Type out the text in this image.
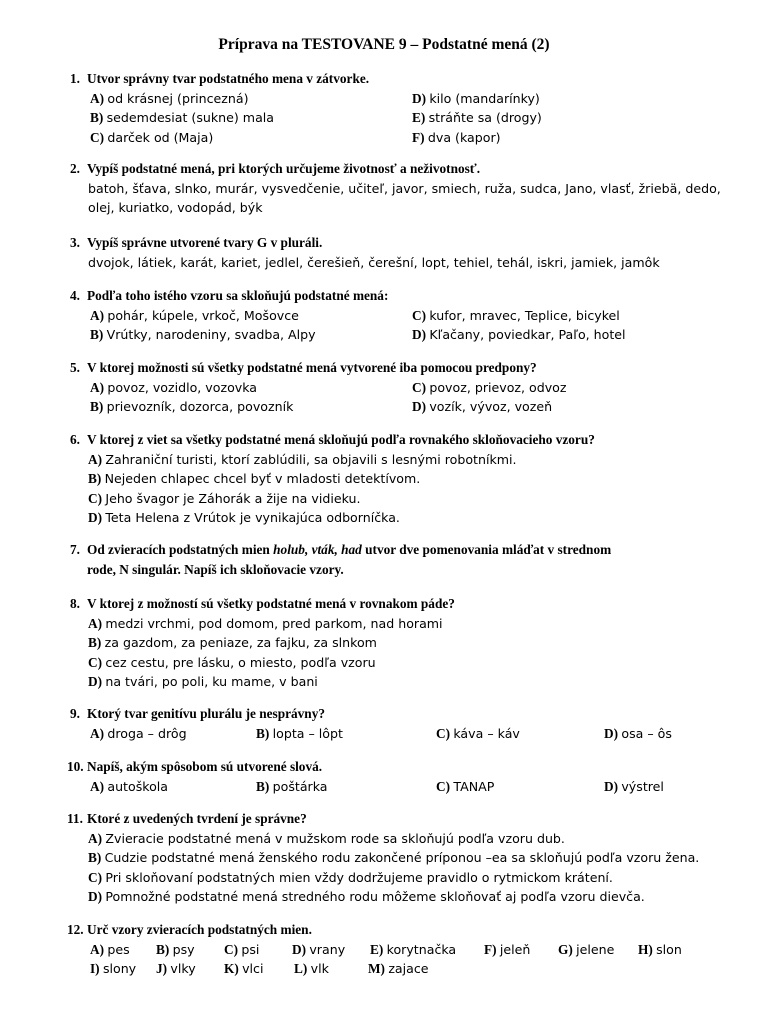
Príprava na TESTOVANE 9 – Podstatné mená (2)
1. Utvor správny tvar podstatného mena v zátvorke.
A) od krásnej (princezná)	D) kilo (mandarínky)
B) sedemdesiat (sukne) mala	E) stráňte sa (drogy)
C) darček od (Maja)	F) dva (kapor)
2. Vypíš podstatné mená, pri ktorých určujeme životnosť a neživotnosť.
batoh, šťava, slnko, murár, vysvedčenie, učiteľ, javor, smiech, ruža, sudca, Jano, vlasť, žriebä, dedo,
olej, kuriatko, vodopád, býk
3. Vypíš správne utvorené tvary G v pluráli.
dvojok, látiek, karát, kariet, jedlel, čerešieň, čerešní, lopt, tehiel, tehál, iskri, jamiek, jamôk
4. Podľa toho istého vzoru sa skloňujú podstatné mená:
A) pohár, kúpele, vrkoč, Mošovce	C) kufor, mravec, Teplice, bicykel
B) Vrútky, narodeniny, svadba, Alpy	D) Kľačany, poviedkar, Paľo, hotel
5. V ktorej možnosti sú všetky podstatné mená vytvorené iba pomocou predpony?
A) povoz, vozidlo, vozovka	C) povoz, prievoz, odvoz
B) prievozník, dozorca, povozník	D) vozík, vývoz, vozeň
6. V ktorej z viet sa všetky podstatné mená skloňujú podľa rovnakého skloňovacieho vzoru?
A) Zahraniční turisti, ktorí zablúdili, sa objavili s lesnými robotníkmi.
B) Nejeden chlapec chcel byť v mladosti detektívom.
C) Jeho švagor je Záhorák a žije na vidieku.
D) Teta Helena z Vrútok je vynikajúca odborníčka.
7. Od zvieracích podstatných mien holub, vták, had utvor dve pomenovania mláďat v strednom
rode, N singulár. Napíš ich skloňovacie vzory.
8. V ktorej z možností sú všetky podstatné mená v rovnakom páde?
A) medzi vrchmi, pod domom, pred parkom, nad horami
B) za gazdom, za peniaze, za fajku, za slnkom
C) cez cestu, pre lásku, o miesto, podľa vzoru
D) na tvári, po poli, ku mame, v bani
9. Ktorý tvar genitívu plurálu je nesprávny?
A) droga – drôg	B) lopta – lôpt	C) káva – káv	D) osa – ôs
10. Napíš, akým spôsobom sú utvorené slová.
A) autoškola	B) poštárka	C) TANAP	D) výstrel
11. Ktoré z uvedených tvrdení je správne?
A) Zvieracie podstatné mená v mužskom rode sa skloňujú podľa vzoru dub.
B) Cudzie podstatné mená ženského rodu zakončené príponou –ea sa skloňujú podľa vzoru žena.
C) Pri skloňovaní podstatných mien vždy dodržujeme pravidlo o rytmickom krátení.
D) Pomnožné podstatné mená stredného rodu môžeme skloňovať aj podľa vzoru dievča.
12. Urč vzory zvieracích podstatných mien.
A) pes B) psy C) psi D) vrany E) korytnačka F) jeleň G) jelene H) slon
I) slony J) vlky K) vlci L) vlk	M) zajace
